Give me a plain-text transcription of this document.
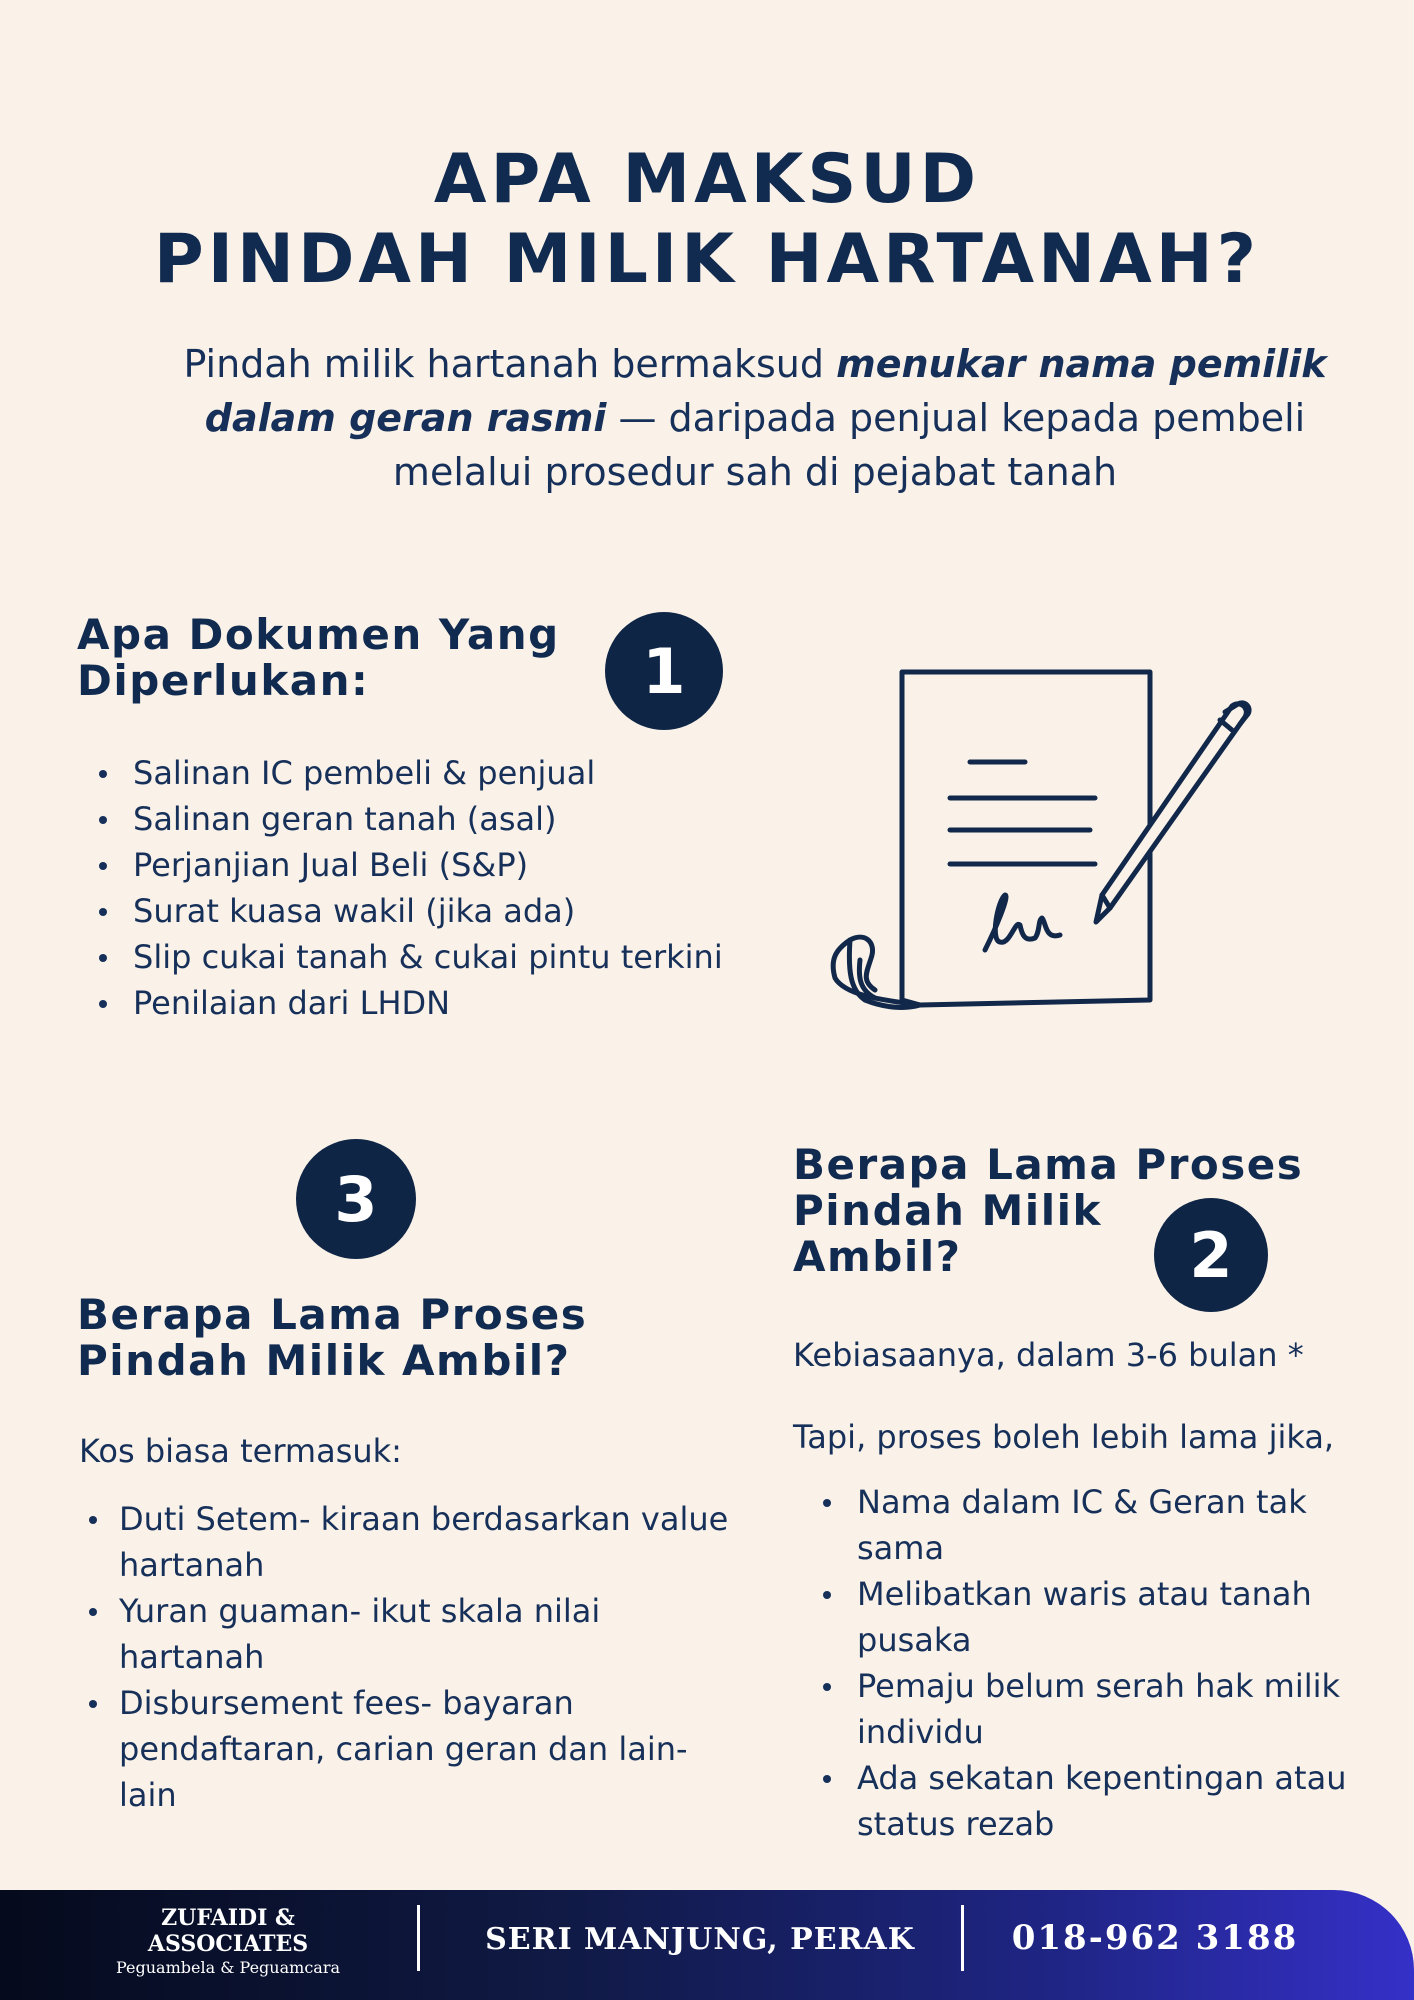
APA MAKSUD
PINDAH MILIK HARTANAH?

Pindah milik hartanah bermaksud menukar nama pemilik dalam geran rasmi — daripada penjual kepada pembeli melalui prosedur sah di pejabat tanah

Apa Dokumen Yang
Diperlukan:	1
Salinan IC pembeli & penjual
Salinan geran tanah (asal)
Perjanjian Jual Beli (S&P)
Surat kuasa wakil (jika ada)
Slip cukai tanah & cukai pintu terkini
Penilaian dari LHDN
3
Berapa Lama Proses
Pindah Milik Ambil?

Kos biasa termasuk:

Duti Setem- kiraan berdasarkan value hartanah
Yuran guaman- ikut skala nilai hartanah
Disbursement fees- bayaran pendaftaran, carian geran dan lain-lain
Berapa Lama Proses
Pindah Milik
Ambil?	2

Kebiasaanya, dalam 3-6 bulan *

Tapi, proses boleh lebih lama jika,

Nama dalam IC & Geran tak sama
Melibatkan waris atau tanah pusaka
Pemaju belum serah hak milik individu
Ada sekatan kepentingan atau status rezab
ZUFAIDI &
ASSOCIATES
Peguambela & Peguamcara
SERI MANJUNG, PERAK	018-962 3188
